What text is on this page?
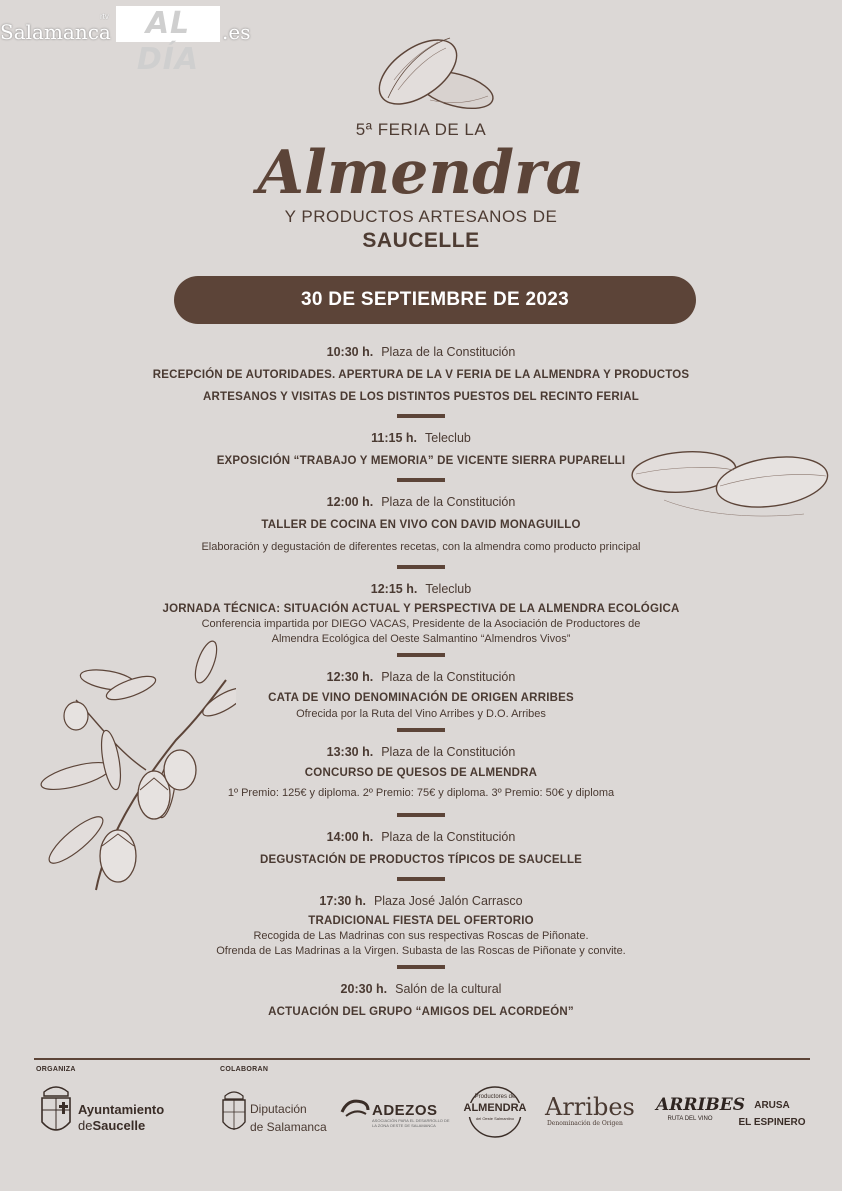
Salamanca
rtv	AL DÍA
.es
5ª FERIA DE LA
Almendra
Y PRODUCTOS ARTESANOS DE
SAUCELLE
30 DE SEPTIEMBRE DE 2023
10:30 h. Plaza de la Constitución
RECEPCIÓN DE AUTORIDADES. APERTURA DE LA V FERIA DE LA ALMENDRA Y PRODUCTOS
ARTESANOS Y VISITAS DE LOS DISTINTOS PUESTOS DEL RECINTO FERIAL
11:15 h. Teleclub
EXPOSICIÓN “TRABAJO Y MEMORIA” DE VICENTE SIERRA PUPARELLI
12:00 h. Plaza de la Constitución
TALLER DE COCINA EN VIVO CON DAVID MONAGUILLO
Elaboración y degustación de diferentes recetas, con la almendra como producto principal
12:15 h. Teleclub
JORNADA TÉCNICA: SITUACIÓN ACTUAL Y PERSPECTIVA DE LA ALMENDRA ECOLÓGICA
Conferencia impartida por DIEGO VACAS, Presidente de la Asociación de Productores de
Almendra Ecológica del Oeste Salmantino “Almendros Vivos”
12:30 h. Plaza de la Constitución
CATA DE VINO DENOMINACIÓN DE ORIGEN ARRIBES
Ofrecida por la Ruta del Vino Arribes y D.O. Arribes
13:30 h. Plaza de la Constitución
CONCURSO DE QUESOS DE ALMENDRA
1º Premio: 125€ y diploma. 2º Premio: 75€ y diploma. 3º Premio: 50€ y diploma
14:00 h. Plaza de la Constitución
DEGUSTACIÓN DE PRODUCTOS TÍPICOS DE SAUCELLE
17:30 h. Plaza José Jalón Carrasco
TRADICIONAL FIESTA DEL OFERTORIO
Recogida de Las Madrinas con sus respectivas Roscas de Piñonate.
Ofrenda de Las Madrinas a la Virgen. Subasta de las Roscas de Piñonate y convite.
20:30 h. Salón de la cultural
ACTUACIÓN DEL GRUPO “AMIGOS DEL ACORDEÓN”
ORGANIZA	COLABORAN
Ayuntamiento
deSaucelle
Diputación
de Salamanca
ADEZOS
ASOCIACIÓN PARA EL DESARROLLO DE LA ZONA OESTE DE SALAMANCA
Productores de
ALMENDRA
del Oeste Salmantino	Arribes
Denominación de Origen
ARRIBES
RUTA DEL VINO
ARUSA
EL ESPINERO
